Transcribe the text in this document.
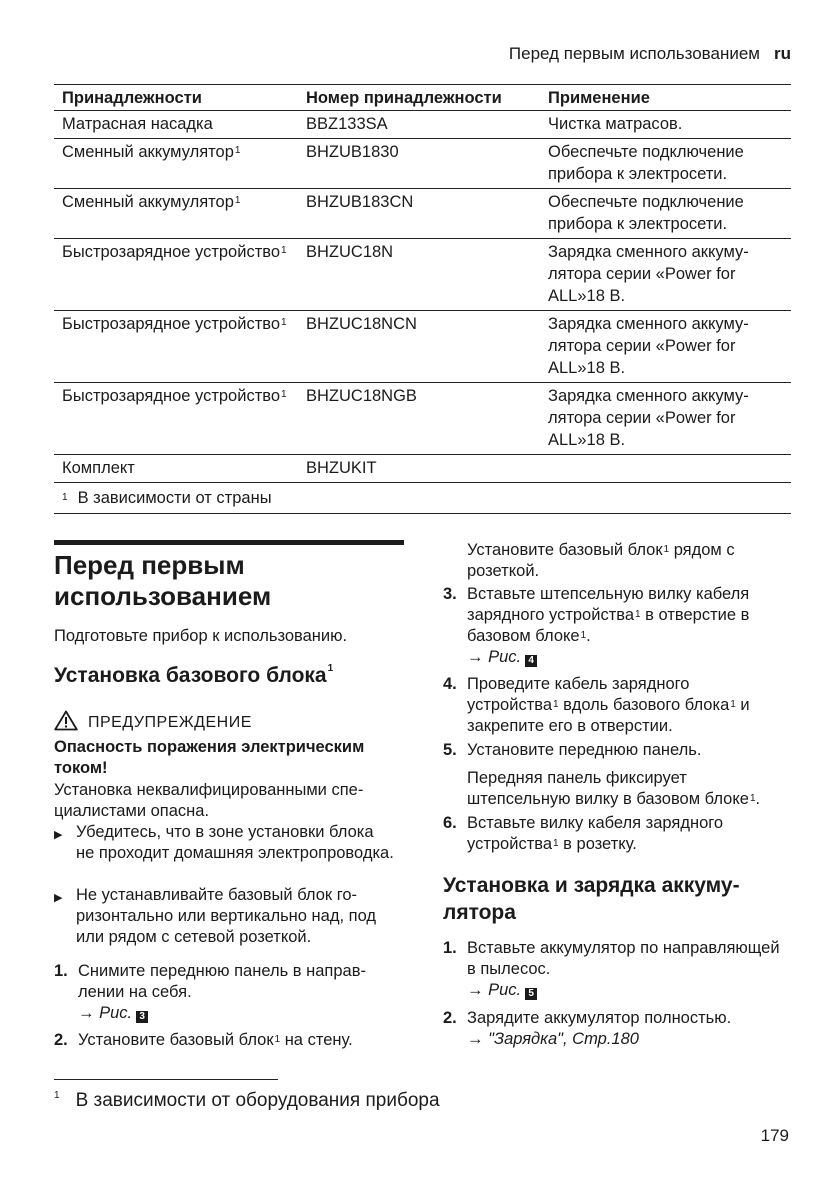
Перед первым использованием ru
Принадлежности	Номер принадлежности	Применение
Матрасная насадка	BBZ133SA	Чистка матрасов.
Сменный аккумулятор$^1$	BHZUB1830	Обеспечьте подключение прибора к электросети.
Сменный аккумулятор$^1$	BHZUB183CN	Обеспечьте подключение прибора к электросети.
Быстрозарядное устройство$^1$	BHZUC18N	Зарядка сменного аккумулятора серии «Power for ALL»18 В.
Быстрозарядное устройство$^1$	BHZUC18NCN	Зарядка сменного аккумулятора серии «Power for ALL»18 В.
Быстрозарядное устройство$^1$	BHZUC18NGB	Зарядка сменного аккумулятора серии «Power for ALL»18 В.
Комплект	BHZUKIT	
$^1$ В зависимости от страны		
Перед первым использованием

Подготовьте прибор к использованию.

Установка базового блока$^1$
ПРЕДУПРЕЖДЕНИЕ
Опасность поражения электрическим током!

Установка неквалифицированными специалистами опасна.

▶ Убедитесь, что в зоне установки блока не проходит домашняя электропроводка.
▶ Не устанавливайте базовый блок горизонтально или вертикально над, под или рядом с сетевой розеткой.
1. Снимите переднюю панель в направлении на себя.
→ Рис. 3
2. Установите базовый блок$^1$ на стену.
Установите базовый блок$^1$ рядом с розеткой.
3. Вставьте штепсельную вилку кабеля зарядного устройства$^1$ в отверстие в базовом блоке$^1$.
→ Рис. 4
4. Проведите кабель зарядного устройства$^1$ вдоль базового блока$^1$ и закрепите его в отверстии.
5. Установите переднюю панель.
Передняя панель фиксирует штепсельную вилку в базовом блоке$^1$.
6. Вставьте вилку кабеля зарядного устройства$^1$ в розетку.
Установка и зарядка аккумулятора
1. Вставьте аккумулятор по направляющей в пылесос.
→ Рис. 5
2. Зарядите аккумулятор полностью.
→ "Зарядка", Стр.180
$^1$ В зависимости от оборудования прибора
179
